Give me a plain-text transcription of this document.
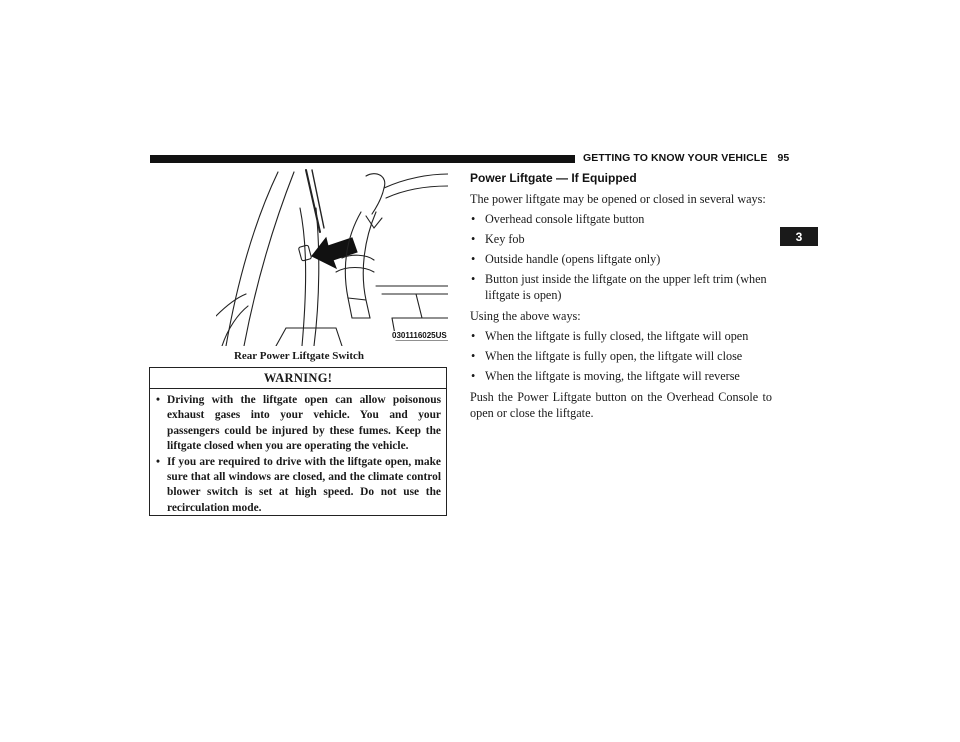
GETTING TO KNOW YOUR VEHICLE 95
3
0301116025US
Rear Power Liftgate Switch
WARNING!
• Driving with the liftgate open can allow poisonous exhaust gases into your vehicle. You and your passengers could be injured by these fumes. Keep the liftgate closed when you are operating the vehicle.
• If you are required to drive with the liftgate open, make sure that all windows are closed, and the climate control blower switch is set at high speed. Do not use the recirculation mode.
Power Liftgate — If Equipped

The power liftgate may be opened or closed in several ways:

• Overhead console liftgate button
• Key fob
• Outside handle (opens liftgate only)
• Button just inside the liftgate on the upper left trim (when liftgate is open)

Using the above ways:

• When the liftgate is fully closed, the liftgate will open
• When the liftgate is fully open, the liftgate will close
• When the liftgate is moving, the liftgate will reverse

Push the Power Liftgate button on the Overhead Console to open or close the liftgate.
